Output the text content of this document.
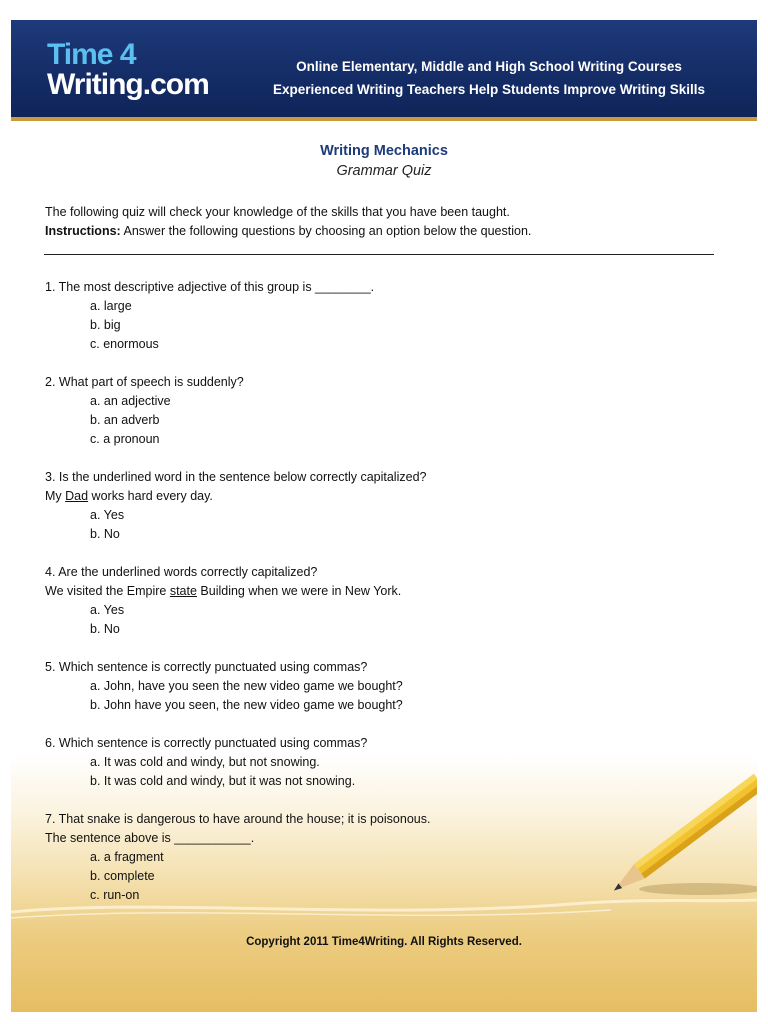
Time 4
Writing.com
Online Elementary, Middle and High School Writing Courses
Experienced Writing Teachers Help Students Improve Writing Skills
Writing Mechanics
Grammar Quiz
The following quiz will check your knowledge of the skills that you have been taught.
Instructions: Answer the following questions by choosing an option below the question.
1. The most descriptive adjective of this group is ________.
a. large
b. big
c. enormous
2. What part of speech is suddenly?
a. an adjective
b. an adverb
c. a pronoun
3. Is the underlined word in the sentence below correctly capitalized?
My Dad works hard every day.
a. Yes
b. No
4. Are the underlined words correctly capitalized?
We visited the Empire state Building when we were in New York.
a. Yes
b. No
5. Which sentence is correctly punctuated using commas?
a. John, have you seen the new video game we bought?
b. John have you seen, the new video game we bought?
6. Which sentence is correctly punctuated using commas?
a. It was cold and windy, but not snowing.
b. It was cold and windy, but it was not snowing.
7. That snake is dangerous to have around the house; it is poisonous.
The sentence above is ___________.
a. a fragment
b. complete
c. run-on
Copyright 2011 Time4Writing. All Rights Reserved.
